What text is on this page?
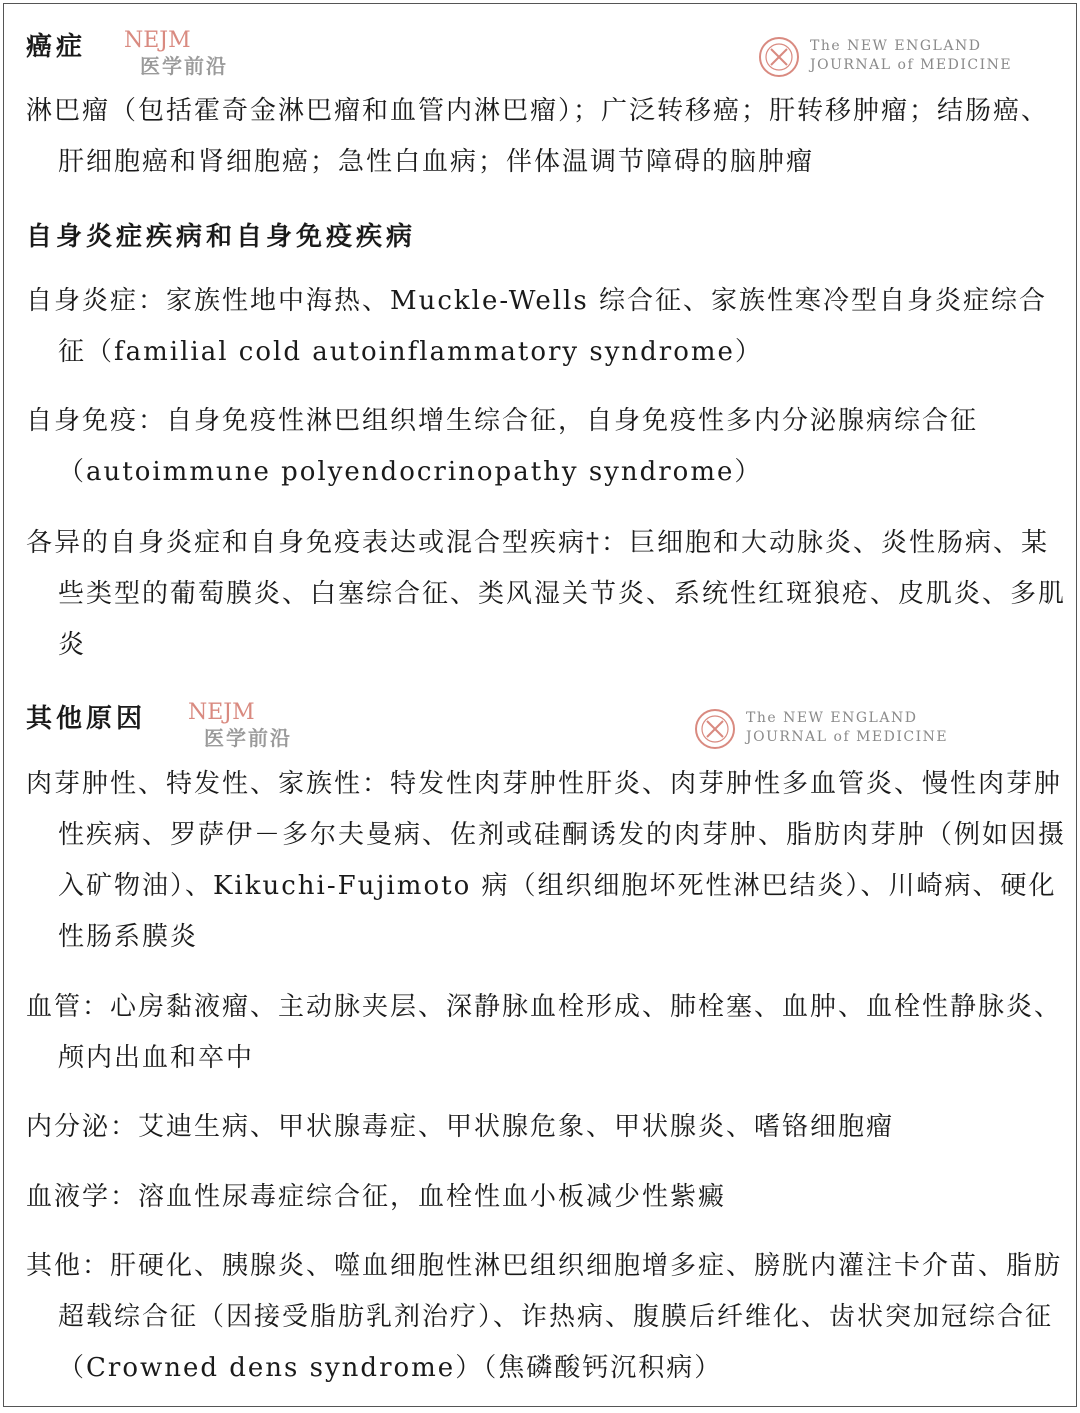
NEJM
医学前沿
The NEW ENGLAND
JOURNAL of MEDICINE
癌症

淋巴瘤（包括霍奇金淋巴瘤和血管内淋巴瘤）；广泛转移癌；肝转移肿瘤；结肠癌、肝细胞癌和肾细胞癌；急性白血病；伴体温调节障碍的脑肿瘤

自身炎症疾病和自身免疫疾病

自身炎症：家族性地中海热、Muckle-Wells 综合征、家族性寒冷型自身炎症综合征（familial cold autoinflammatory syndrome）

自身免疫：自身免疫性淋巴组织增生综合征，自身免疫性多内分泌腺病综合征（autoimmune polyendocrinopathy syndrome）

各异的自身炎症和自身免疫表达或混合型疾病†：巨细胞和大动脉炎、炎性肠病、某些类型的葡萄膜炎、白塞综合征、类风湿关节炎、系统性红斑狼疮、皮肌炎、多肌炎

其他原因 NEJM
医学前沿
The NEW ENGLAND
JOURNAL of MEDICINE

肉芽肿性、特发性、家族性：特发性肉芽肿性肝炎、肉芽肿性多血管炎、慢性肉芽肿性疾病、罗萨伊－多尔夫曼病、佐剂或硅酮诱发的肉芽肿、脂肪肉芽肿（例如因摄入矿物油）、Kikuchi-Fujimoto 病（组织细胞坏死性淋巴结炎）、川崎病、硬化性肠系膜炎

血管：心房黏液瘤、主动脉夹层、深静脉血栓形成、肺栓塞、血肿、血栓性静脉炎、颅内出血和卒中

内分泌：艾迪生病、甲状腺毒症、甲状腺危象、甲状腺炎、嗜铬细胞瘤

血液学：溶血性尿毒症综合征，血栓性血小板减少性紫癜

其他：肝硬化、胰腺炎、噬血细胞性淋巴组织细胞增多症、膀胱内灌注卡介苗、脂肪超载综合征（因接受脂肪乳剂治疗）、诈热病、腹膜后纤维化、齿状突加冠综合征（Crowned dens syndrome）（焦磷酸钙沉积病）
